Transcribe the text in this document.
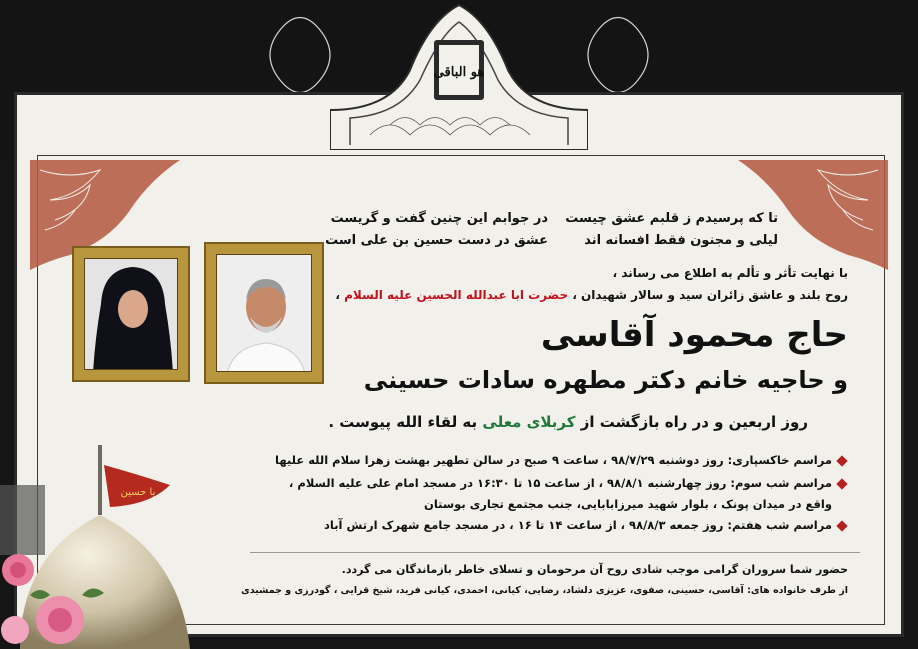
هو الباقی
تا که پرسیدم ز قلبم عشق چیست
لیلی و مجنون فقط افسانه اند
در جوابم این چنین گفت و گریست
عشق در دست حسین بن علی است
با نهایت تأثر و تألم به اطلاع می رساند ،
روح بلند و عاشق زائران سید و سالار شهیدان ، حضرت ابا عبدالله الحسین علیه السلام ،
حاج محمود آقاسی
و حاجیه خانم دکتر مطهره سادات حسینی
روز اربعین و در راه بازگشت از کربلای معلی به لقاء الله پیوست .
مراسم خاکسپاری: روز دوشنبه ۹۸/۷/۲۹ ، ساعت ۹ صبح در سالن تطهیر بهشت زهرا سلام الله علیها
مراسم شب سوم: روز چهارشنبه ۹۸/۸/۱ ، از ساعت ۱۵ تا ۱۶:۳۰ در مسجد امام علی علیه السلام ،
واقع در میدان پونک ، بلوار شهید میرزابابایی، جنب مجتمع تجاری بوستان
مراسم شب هفتم: روز جمعه ۹۸/۸/۳ ، از ساعت ۱۴ تا ۱۶ ، در مسجد جامع شهرک ارتش آباد
حضور شما سروران گرامی موجب شادی روح آن مرحومان و تسلای خاطر بازماندگان می گردد.
از طرف خانواده های: آقاسی، حسینی، صفوی، عزیزی دلشاد، رضایی، کیانی، احمدی، کیانی فرید، شیخ قرایی ، گودرزی و جمشیدی
یا حسین
